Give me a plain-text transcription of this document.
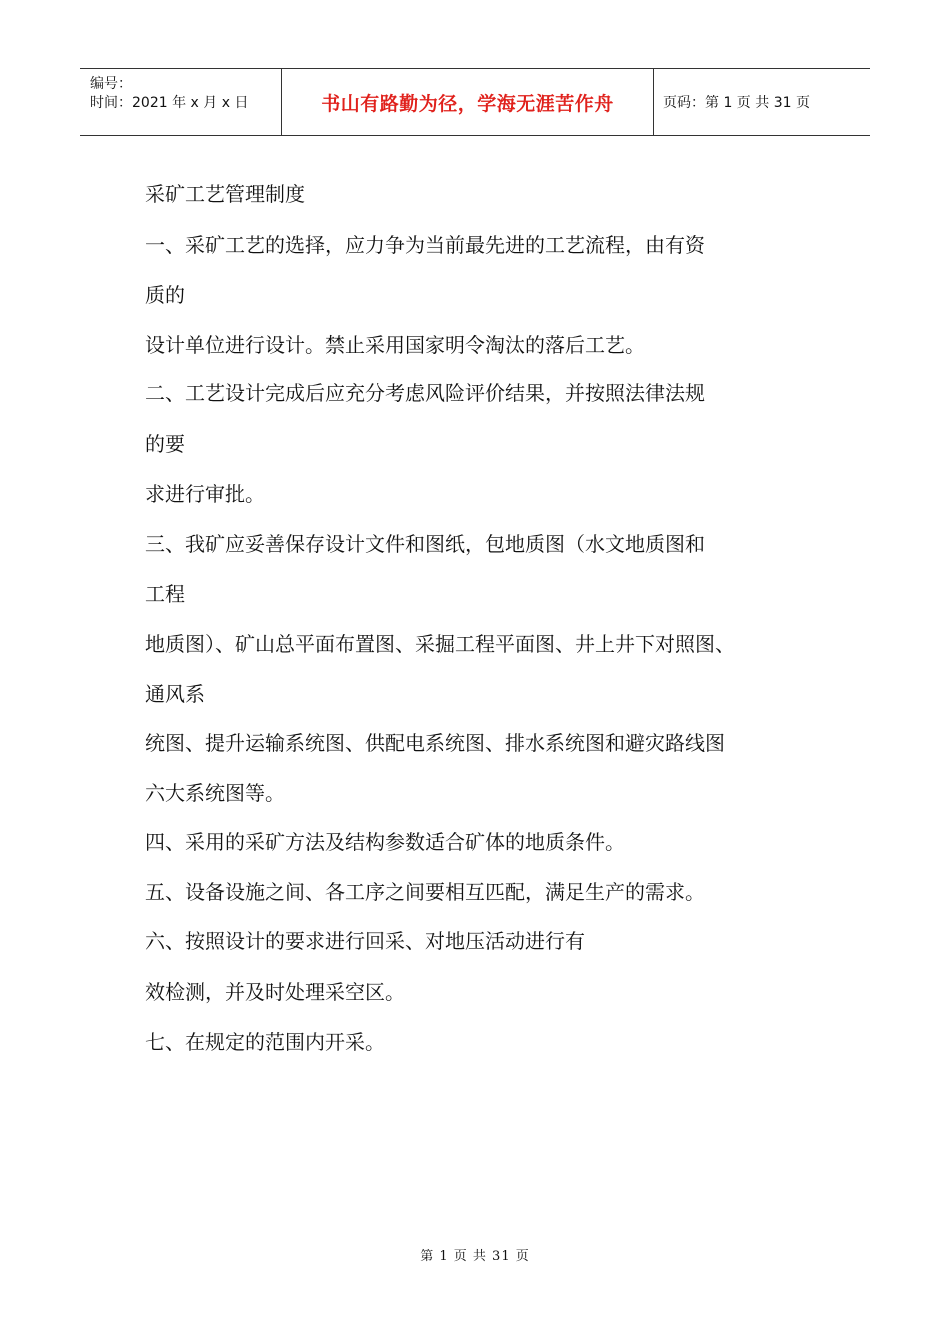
编号：
时间：2021 年 x 月 x 日	书山有路勤为径，学海无涯苦作舟	页码：第 1 页 共 31 页
采矿工艺管理制度
一、采矿工艺的选择，应力争为当前最先进的工艺流程，由有资
质的
设计单位进行设计。禁止采用国家明令淘汰的落后工艺。
二、工艺设计完成后应充分考虑风险评价结果，并按照法律法规
的要
求进行审批。
三、我矿应妥善保存设计文件和图纸，包地质图（水文地质图和
工程
地质图）、矿山总平面布置图、采掘工程平面图、井上井下对照图、
通风系
统图、提升运输系统图、供配电系统图、排水系统图和避灾路线图
六大系统图等。
四、采用的采矿方法及结构参数适合矿体的地质条件。
五、设备设施之间、各工序之间要相互匹配，满足生产的需求。
六、按照设计的要求进行回采、对地压活动进行有
效检测，并及时处理采空区。
七、在规定的范围内开采。
第 1 页 共 31 页
